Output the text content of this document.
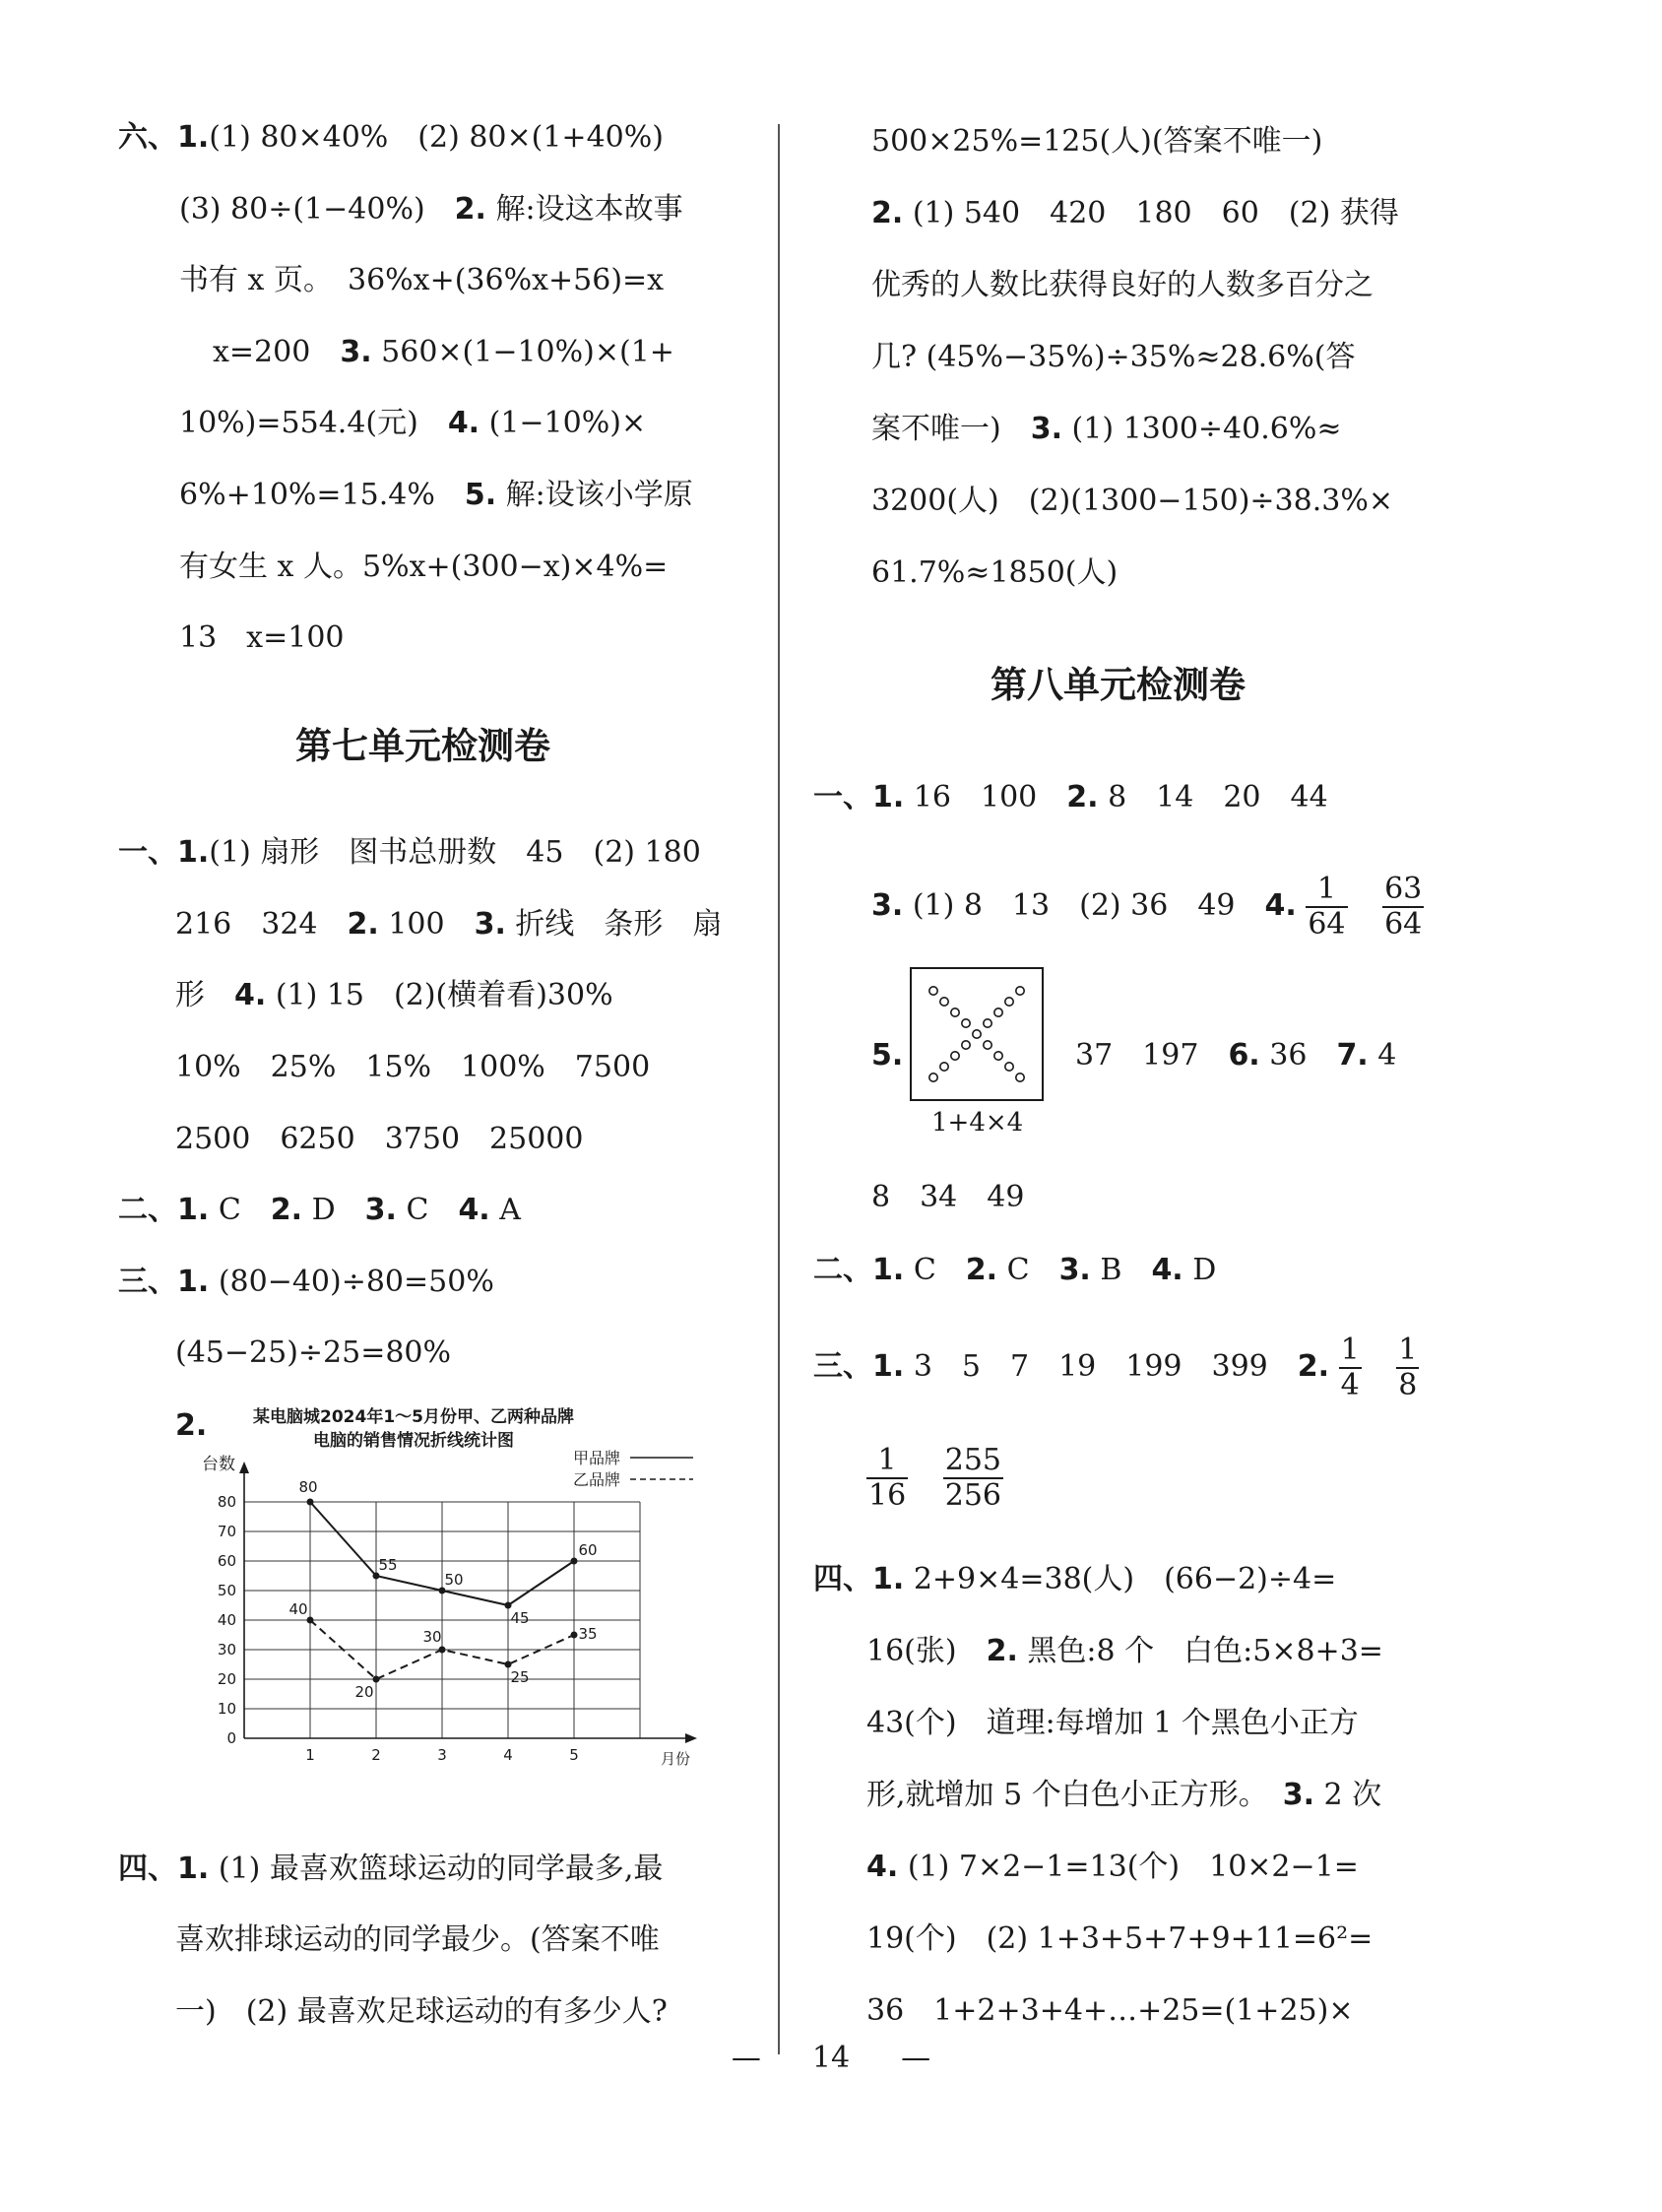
六、1.(1) 80×40%　(2) 80×(1+40%)
(3) 80÷(1−40%)　2. 解:设这本故事
书有 x 页。　36%x+(36%x+56)=x
x=200　3. 560×(1−10%)×(1+
10%)=554.4(元)　4. (1−10%)×
6%+10%=15.4%　5. 解:设该小学原
有女生 x 人。5%x+(300−x)×4%=
13　x=100
第七单元检测卷
一、1.(1) 扇形　图书总册数　45　(2) 180
216　324　2. 100　3. 折线　条形　扇
形　4. (1) 15　(2)(横着看)30%
10%　25%　15%　100%　7500
2500　6250　3750　25000
二、1. C　2. D　3. C　4. A
三、1. (80−40)÷80=50%
(45−25)÷25=80%
2.	某电脑城2024年1～5月份甲、乙两种品牌
电脑的销售情况折线统计图
台数	甲品牌
乙品牌
0
10
20
30
40
50
60
70
80
1	2	3	4	5	月份
80
55
50
45
60
40
20
30
25
35
四、1. (1) 最喜欢篮球运动的同学最多,最
喜欢排球运动的同学最少。(答案不唯
一)　(2) 最喜欢足球运动的有多少人?
500×25%=125(人)(答案不唯一)
2. (1) 540　420　180　60　(2) 获得
优秀的人数比获得良好的人数多百分之
几? (45%−35%)÷35%≈28.6%(答
案不唯一)　3. (1) 1300÷40.6%≈
3200(人)　(2)(1300−150)÷38.3%×
61.7%≈1850(人)
第八单元检测卷
一、1. 16　100　2. 8　14　20　44
3. (1) 8　13　(2) 36　49　4. $\frac{1}{64}$
$\frac{63}{64}$
5.
1+4×4
37　197　6. 36　7. 4
8　34　49
二、1. C　2. C　3. B　4. D
三、1. 3　5　7　19　199　399　2. $\frac{1}{4}$
$\frac{1}{8}$
$\frac{1}{16}$
$\frac{255}{256}$
四、1. 2+9×4=38(人)　(66−2)÷4=
16(张)　2. 黑色:8 个　白色:5×8+3=
43(个)　道理:每增加 1 个黑色小正方
形,就增加 5 个白色小正方形。　3. 2 次
4. (1) 7×2−1=13(个)　10×2−1=
19(个)　(2) 1+3+5+7+9+11=6²=
36　1+2+3+4+…+25=(1+25)×
— 14 —
